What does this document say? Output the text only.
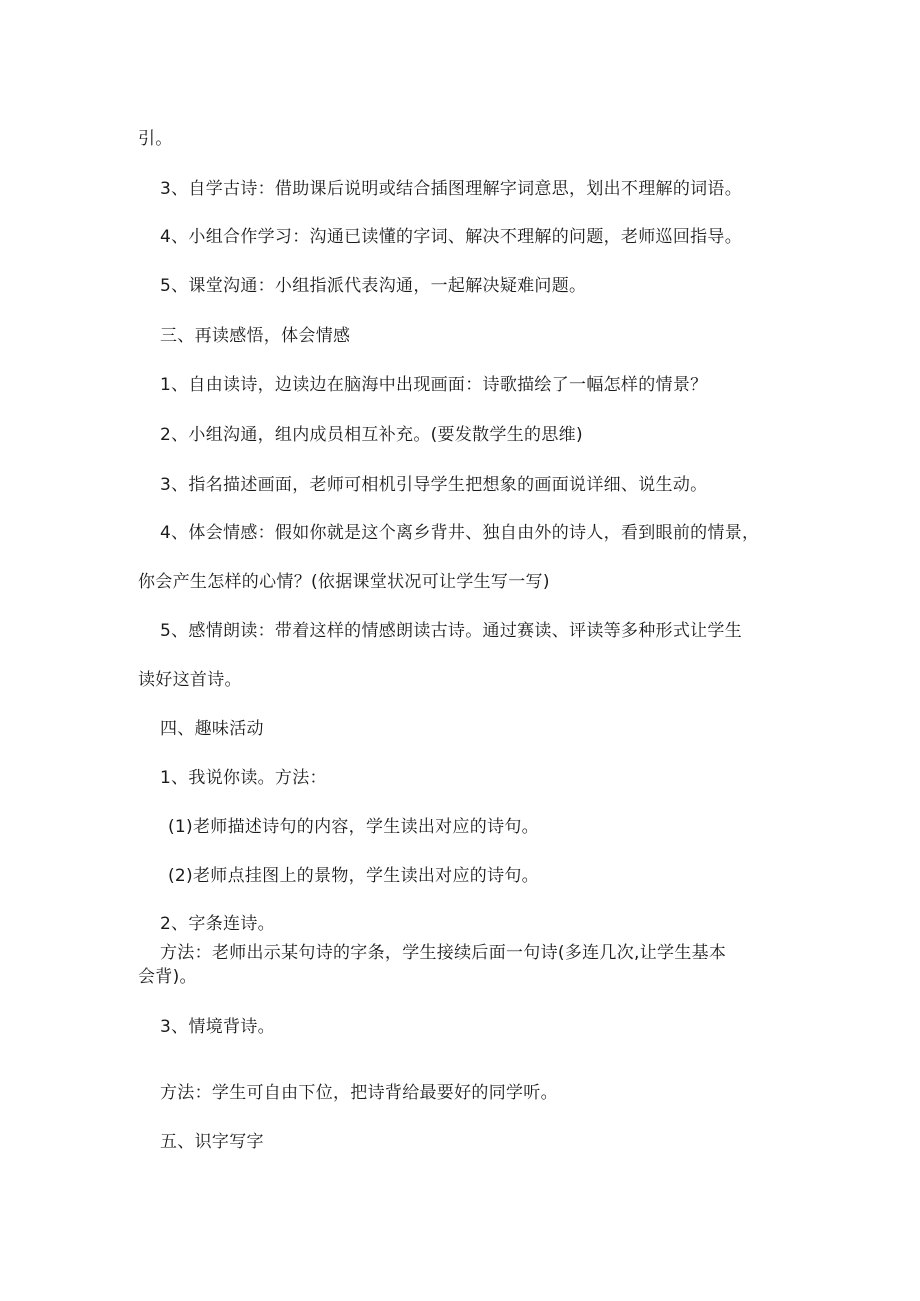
引。
3、自学古诗：借助课后说明或结合插图理解字词意思，划出不理解的词语。
4、小组合作学习：沟通已读懂的字词、解决不理解的问题，老师巡回指导。
5、课堂沟通：小组指派代表沟通，一起解决疑难问题。
三、再读感悟，体会情感
1、自由读诗，边读边在脑海中出现画面：诗歌描绘了一幅怎样的情景？
2、小组沟通，组内成员相互补充。(要发散学生的思维)
3、指名描述画面，老师可相机引导学生把想象的画面说详细、说生动。
4、体会情感：假如你就是这个离乡背井、独自由外的诗人，看到眼前的情景，
你会产生怎样的心情？(依据课堂状况可让学生写一写)
5、感情朗读：带着这样的情感朗读古诗。通过赛读、评读等多种形式让学生
读好这首诗。
四、趣味活动
1、我说你读。方法：
(1)老师描述诗句的内容，学生读出对应的诗句。
(2)老师点挂图上的景物，学生读出对应的诗句。
2、字条连诗。
方法：老师出示某句诗的字条，学生接续后面一句诗(多连几次,让学生基本
会背)。
3、情境背诗。
方法：学生可自由下位，把诗背给最要好的同学听。
五、识字写字
